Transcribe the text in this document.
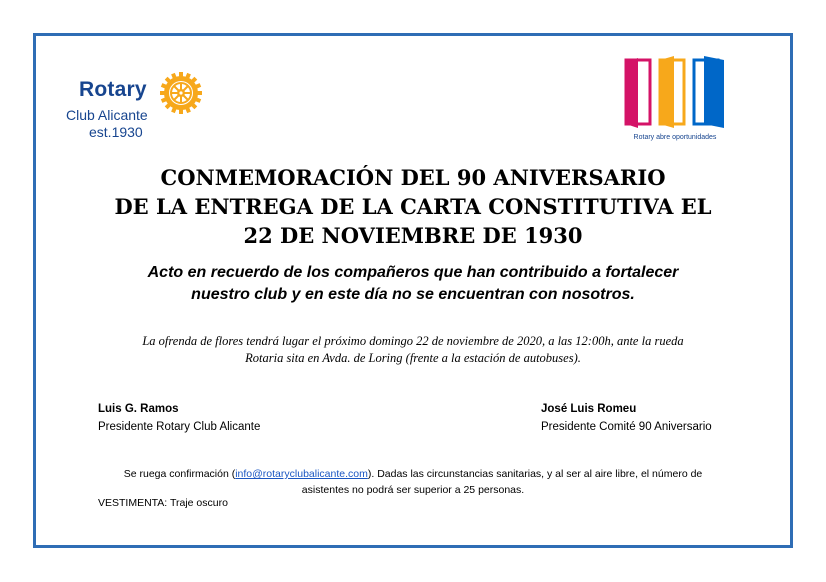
Rotary
Club Alicante
est.1930	Rotary abre oportunidades
CONMEMORACIÓN DEL 90 ANIVERSARIO
DE LA ENTREGA DE LA CARTA CONSTITUTIVA EL
22 DE NOVIEMBRE DE 1930
Acto en recuerdo de los compañeros que han contribuido a fortalecer
nuestro club y en este día no se encuentran con nosotros.
La ofrenda de flores tendrá lugar el próximo domingo 22 de noviembre de 2020, a las 12:00h, ante la rueda
Rotaria sita en Avda. de Loring (frente a la estación de autobuses).
Luis G. Ramos
Presidente Rotary Club Alicante
José Luis Romeu
Presidente Comité 90 Aniversario
Se ruega confirmación (info@rotaryclubalicante.com). Dadas las circunstancias sanitarias, y al ser al aire libre, el número de
asistentes no podrá ser superior a 25 personas.
VESTIMENTA: Traje oscuro
